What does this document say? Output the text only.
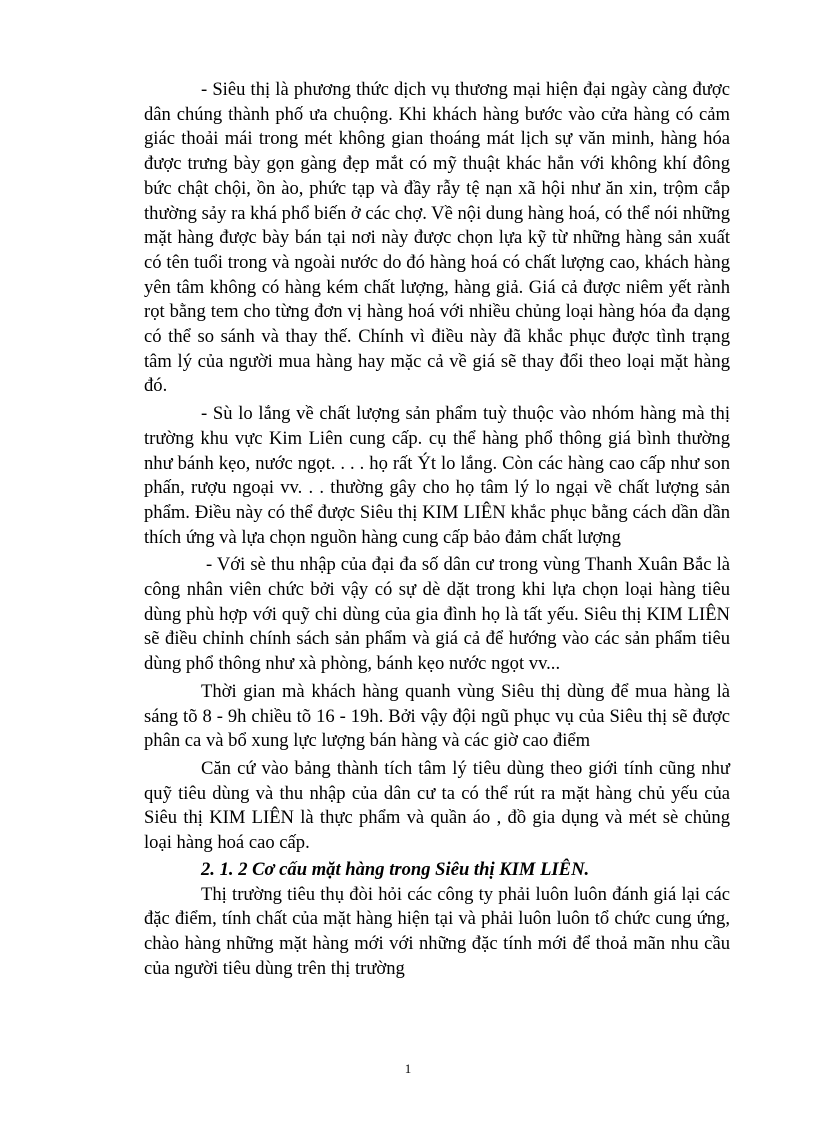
- Siêu thị là phương thức dịch vụ thương mại hiện đại ngày càng được dân chúng thành phố ưa chuộng. Khi khách hàng bước vào cửa hàng có cảm giác thoải mái trong mét không gian thoáng mát lịch sự văn minh, hàng hóa được trưng bày gọn gàng đẹp mắt có mỹ thuật khác hẳn với không khí đông bức chật chội, ồn ào, phức tạp và đầy rẫy tệ nạn xã hội như ăn xin, trộm cắp thường sảy ra khá phổ biến ở các chợ. Về nội dung hàng hoá, có thể nói những mặt hàng được bày bán tại nơi này được chọn lựa kỹ từ những hàng sản xuất có tên tuổi trong và ngoài nước do đó hàng hoá có chất lượng cao, khách hàng yên tâm không có hàng kém chất lượng, hàng giả. Giá cả được niêm yết rành rọt bằng tem cho từng đơn vị hàng hoá với nhiều chủng loại hàng hóa đa dạng có thể so sánh và thay thế. Chính vì điều này đã khắc phục được tình trạng tâm lý của người mua hàng hay mặc cả về giá sẽ thay đổi theo loại mặt hàng đó.

- Sù lo lắng về chất lượng sản phẩm tuỳ thuộc vào nhóm hàng mà thị trường khu vực Kim Liên cung cấp. cụ thể hàng phổ thông giá bình thường như bánh kẹo, nước ngọt. . . . họ rất Ýt lo lắng. Còn các hàng cao cấp như son phấn, rượu ngoại vv. . . thường gây cho họ tâm lý lo ngại về chất lượng sản phẩm. Điều này có thể được Siêu thị KIM LIÊN khắc phục bằng cách dần dần thích ứng và lựa chọn nguồn hàng cung cấp bảo đảm chất lượng

- Với sè thu nhập của đại đa số dân cư trong vùng Thanh Xuân Bắc là công nhân viên chức bởi vậy có sự dè dặt trong khi lựa chọn loại hàng tiêu dùng phù hợp với quỹ chi dùng của gia đình họ là tất yếu. Siêu thị KIM LIÊN sẽ điều chỉnh chính sách sản phẩm và giá cả để hướng vào các sản phẩm tiêu dùng phổ thông như xà phòng, bánh kẹo nước ngọt vv...

Thời gian mà khách hàng quanh vùng Siêu thị dùng để mua hàng là sáng tõ 8 - 9h chiều tõ 16 - 19h. Bởi vậy đội ngũ phục vụ của Siêu thị sẽ được phân ca và bổ xung lực lượng bán hàng và các giờ cao điểm

Căn cứ vào bảng thành tích tâm lý tiêu dùng theo giới tính cũng như quỹ tiêu dùng và thu nhập của dân cư ta có thể rút ra mặt hàng chủ yếu của Siêu thị KIM LIÊN là thực phẩm và quần áo , đồ gia dụng và mét sè chủng loại hàng hoá cao cấp.

2. 1. 2 Cơ cấu mặt hàng trong Siêu thị KIM LIÊN.

Thị trường tiêu thụ đòi hỏi các công ty phải luôn luôn đánh giá lại các đặc điểm, tính chất của mặt hàng hiện tại và phải luôn luôn tổ chức cung ứng, chào hàng những mặt hàng mới với những đặc tính mới để thoả mãn nhu cầu của người tiêu dùng trên thị trường

1
